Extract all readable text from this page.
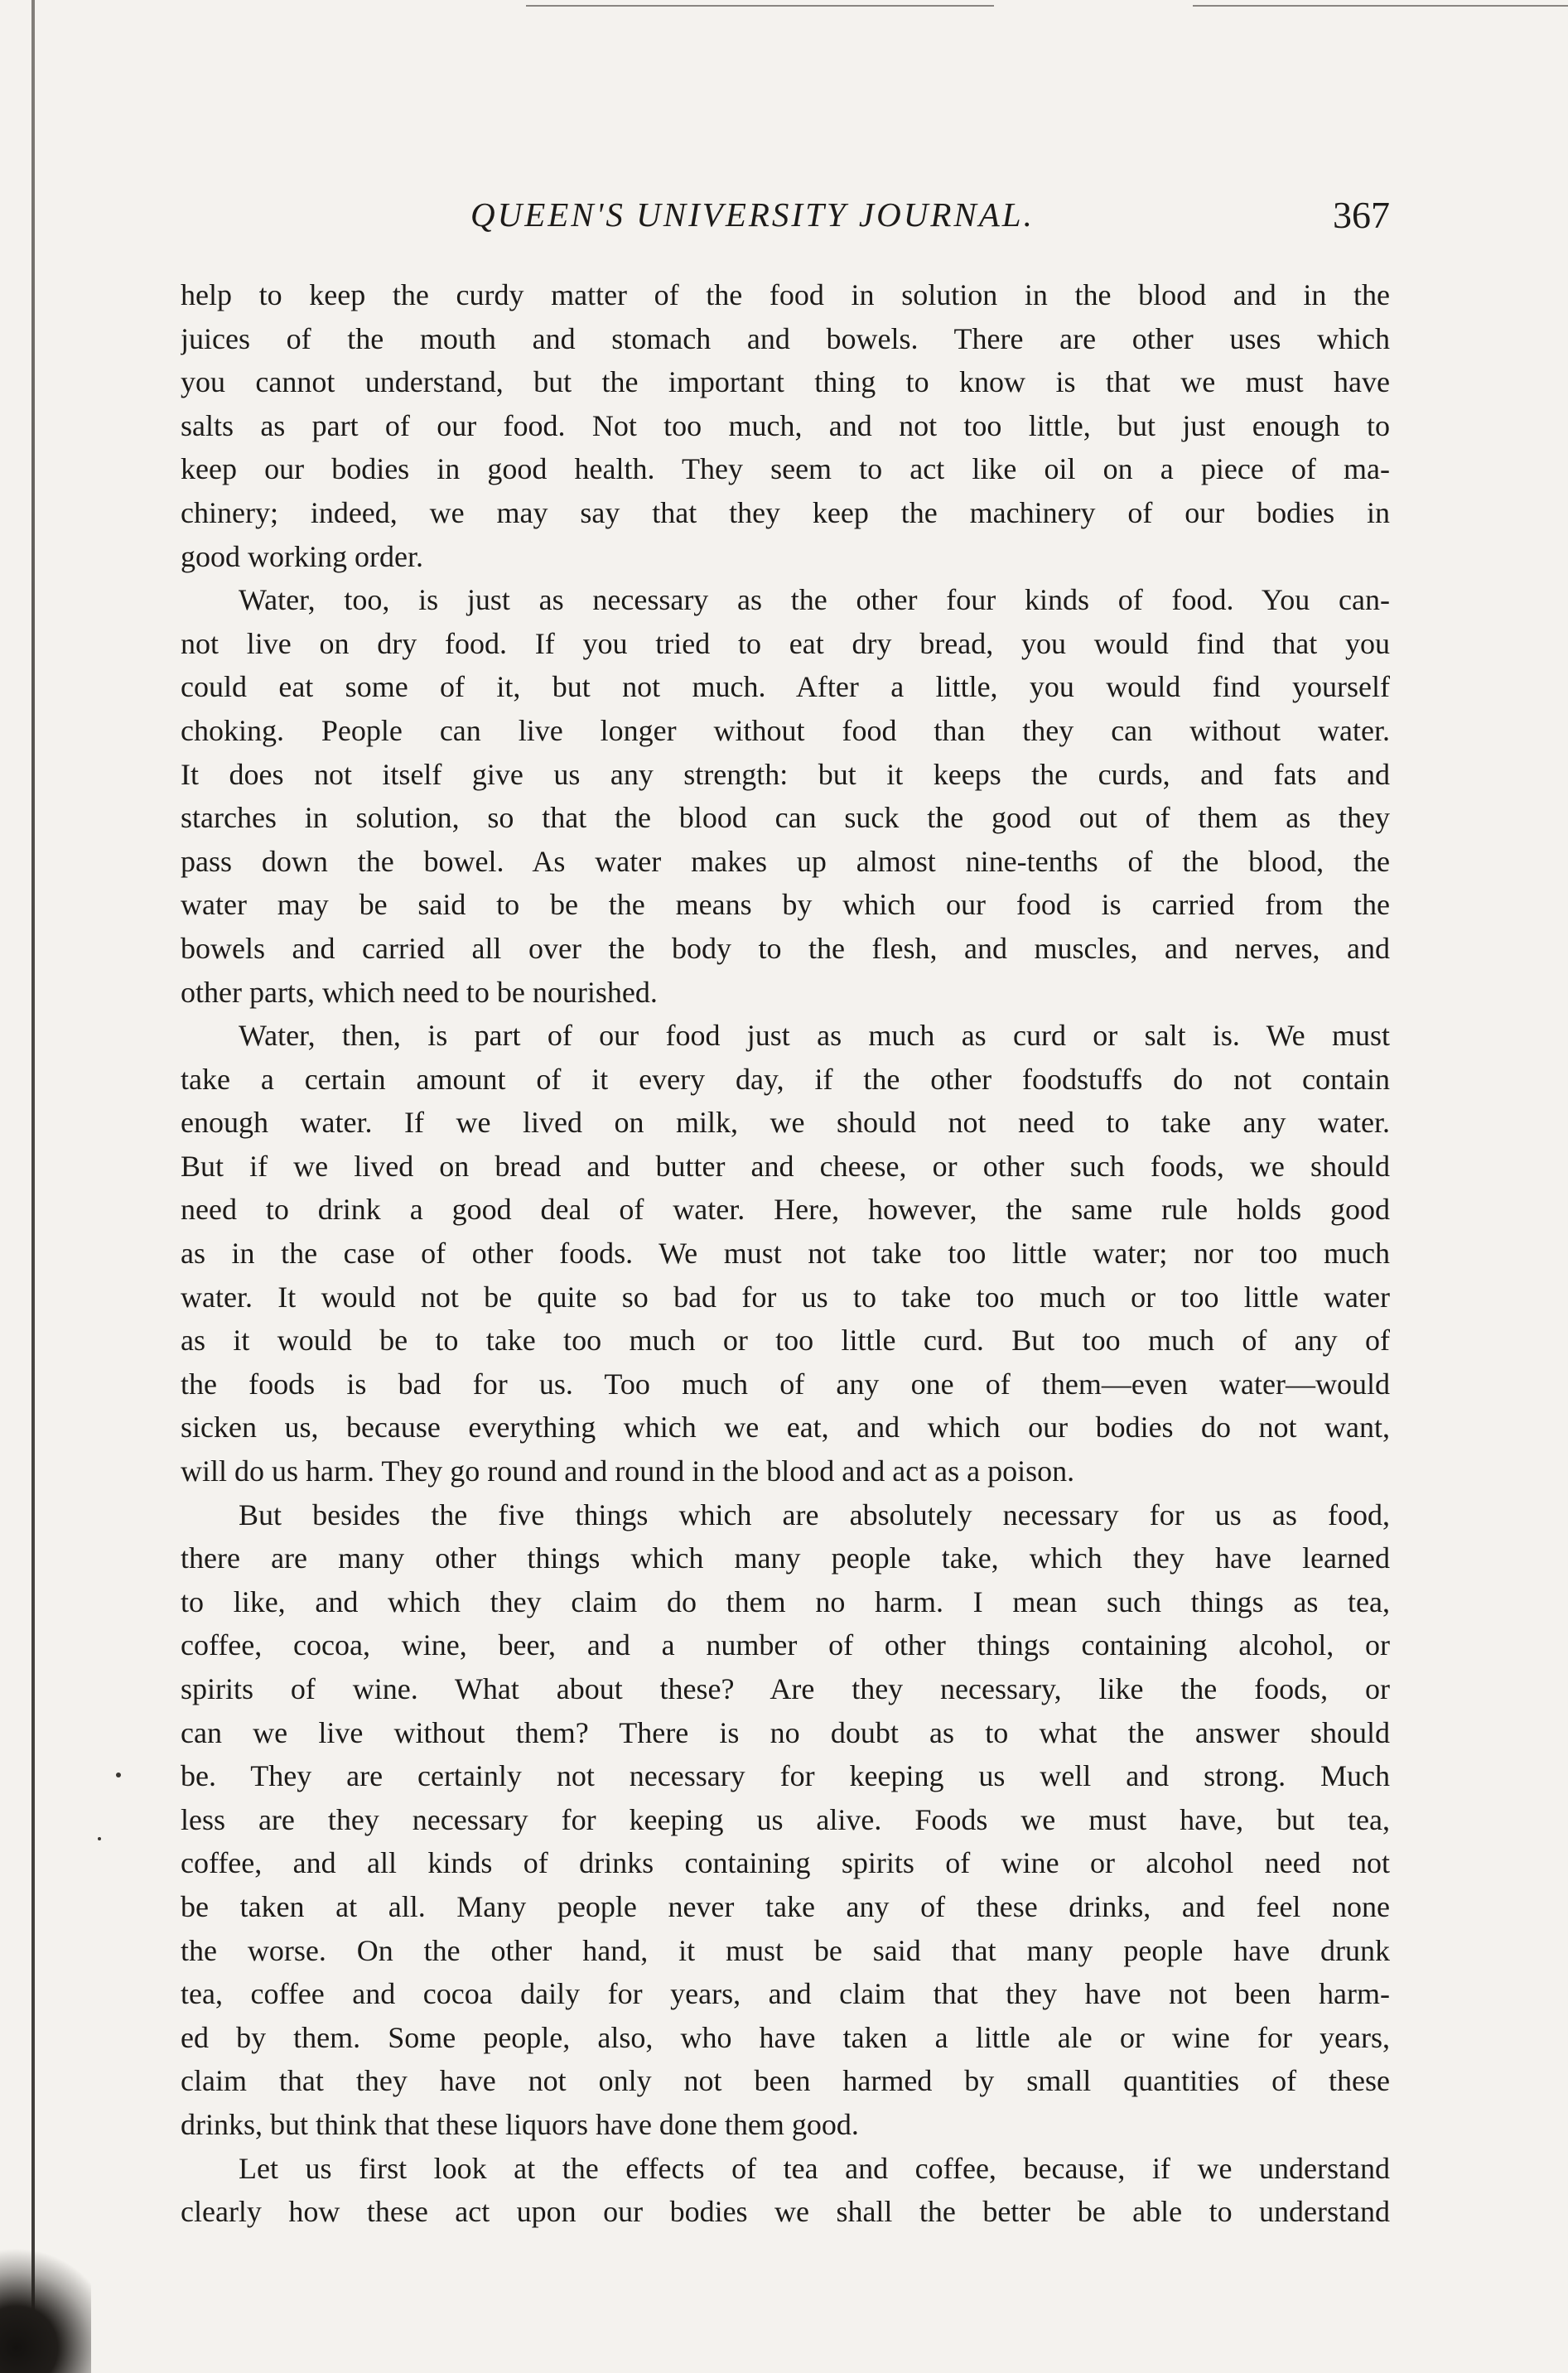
QUEEN'S UNIVERSITY JOURNAL.	367
help to keep the curdy matter of the food in solution in the blood and in the
juices of the mouth and stomach and bowels. There are other uses which
you cannot understand, but the important thing to know is that we must have
salts as part of our food. Not too much, and not too little, but just enough to
keep our bodies in good health. They seem to act like oil on a piece of ma-
chinery; indeed, we may say that they keep the machinery of our bodies in
good working order.
Water, too, is just as necessary as the other four kinds of food. You can-
not live on dry food. If you tried to eat dry bread, you would find that you
could eat some of it, but not much. After a little, you would find yourself
choking. People can live longer without food than they can without water.
It does not itself give us any strength: but it keeps the curds, and fats and
starches in solution, so that the blood can suck the good out of them as they
pass down the bowel. As water makes up almost nine-tenths of the blood, the
water may be said to be the means by which our food is carried from the
bowels and carried all over the body to the flesh, and muscles, and nerves, and
other parts, which need to be nourished.
Water, then, is part of our food just as much as curd or salt is. We must
take a certain amount of it every day, if the other foodstuffs do not contain
enough water. If we lived on milk, we should not need to take any water.
But if we lived on bread and butter and cheese, or other such foods, we should
need to drink a good deal of water. Here, however, the same rule holds good
as in the case of other foods. We must not take too little water; nor too much
water. It would not be quite so bad for us to take too much or too little water
as it would be to take too much or too little curd. But too much of any of
the foods is bad for us. Too much of any one of them—even water—would
sicken us, because everything which we eat, and which our bodies do not want,
will do us harm. They go round and round in the blood and act as a poison.
But besides the five things which are absolutely necessary for us as food,
there are many other things which many people take, which they have learned
to like, and which they claim do them no harm. I mean such things as tea,
coffee, cocoa, wine, beer, and a number of other things containing alcohol, or
spirits of wine. What about these? Are they necessary, like the foods, or
can we live without them? There is no doubt as to what the answer should
be. They are certainly not necessary for keeping us well and strong. Much
less are they necessary for keeping us alive. Foods we must have, but tea,
coffee, and all kinds of drinks containing spirits of wine or alcohol need not
be taken at all. Many people never take any of these drinks, and feel none
the worse. On the other hand, it must be said that many people have drunk
tea, coffee and cocoa daily for years, and claim that they have not been harm-
ed by them. Some people, also, who have taken a little ale or wine for years,
claim that they have not only not been harmed by small quantities of these
drinks, but think that these liquors have done them good.
Let us first look at the effects of tea and coffee, because, if we understand
clearly how these act upon our bodies we shall the better be able to understand
